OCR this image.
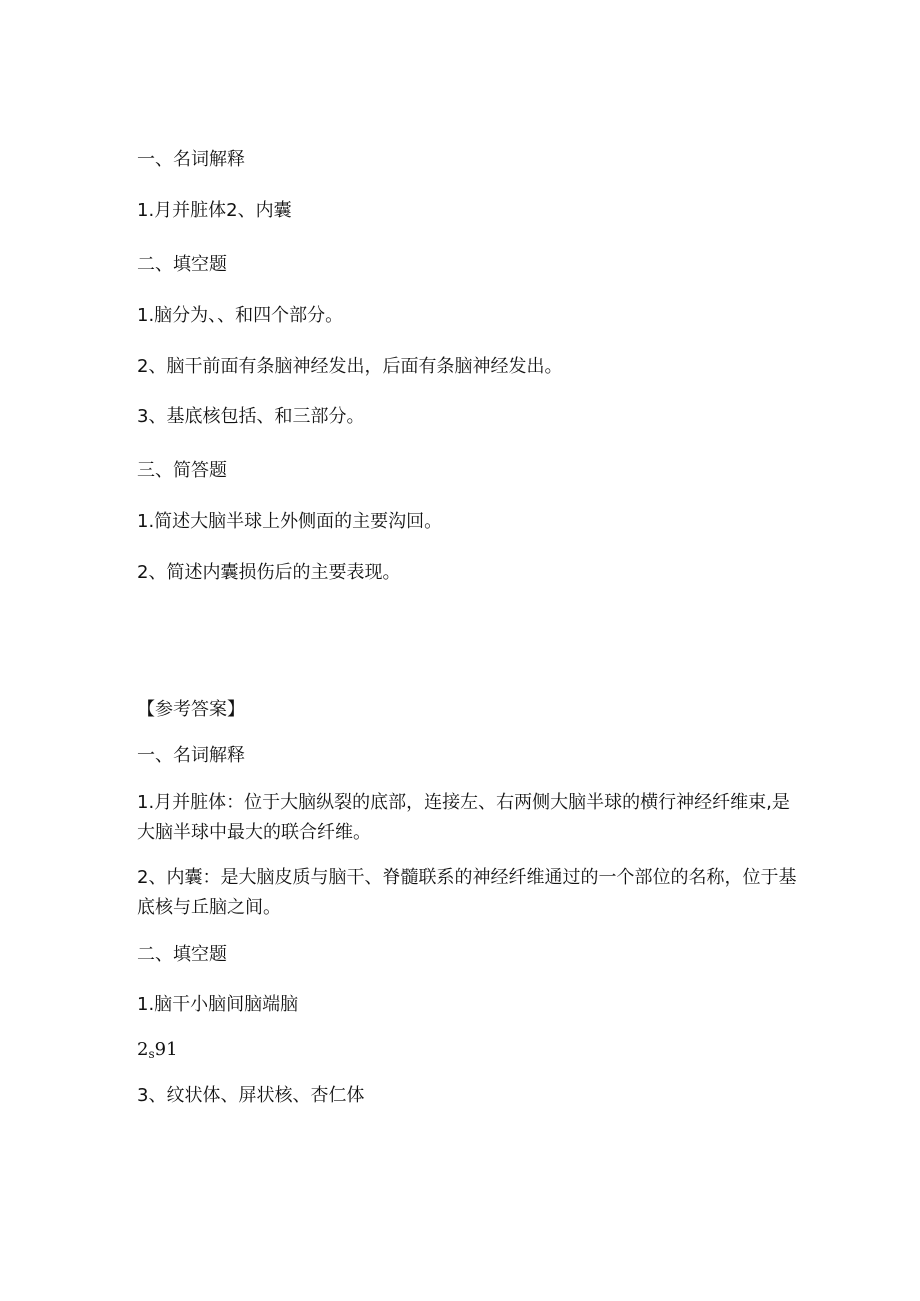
一、名词解释
1.月并脏体2、内囊
二、填空题
1.脑分为、、和四个部分。
2、脑干前面有条脑神经发出，后面有条脑神经发出。
3、基底核包括、和三部分。
三、简答题
1.简述大脑半球上外侧面的主要沟回。
2、简述内囊损伤后的主要表现。
【参考答案】
一、名词解释
1.月并脏体：位于大脑纵裂的底部，连接左、右两侧大脑半球的横行神经纤维束,是大脑半球中最大的联合纤维。
2、内囊：是大脑皮质与脑干、脊髓联系的神经纤维通过的一个部位的名称，位于基底核与丘脑之间。
二、填空题
1.脑干小脑间脑端脑
$2_s91$
3、纹状体、屏状核、杏仁体
